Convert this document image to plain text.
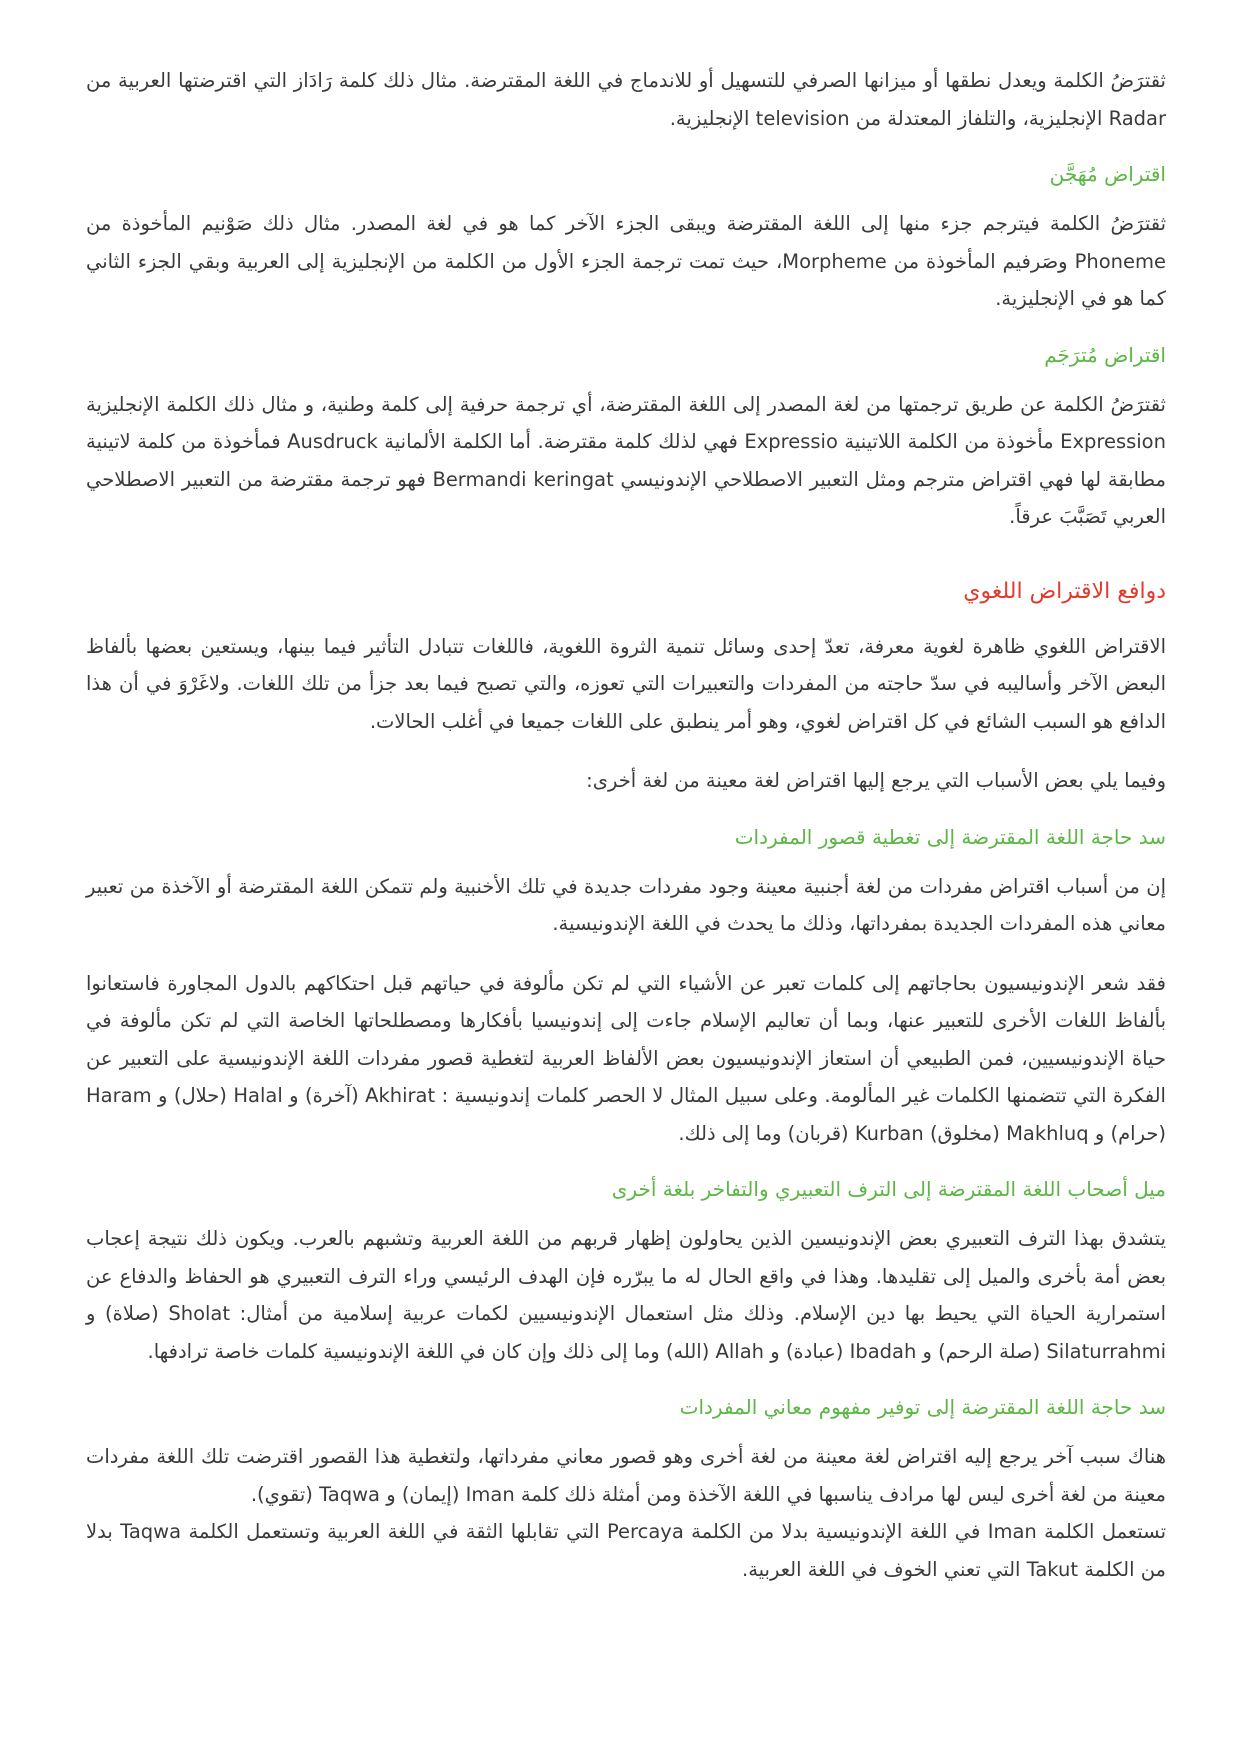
ثقترَضُ الكلمة ويعدل نطقها أو ميزانها الصرفي للتسهيل أو للاندماج في اللغة المقترضة. مثال ذلك كلمة رَادَاز التي اقترضتها العربية من Radar الإنجليزية، والتلفاز المعتدلة من television الإنجليزية.

اقتراض مُهَجَّن

ثقترَضُ الكلمة فيترجم جزء منها إلى اللغة المقترضة ويبقى الجزء الآخر كما هو في لغة المصدر. مثال ذلك صَوْنيم المأخوذة من Phoneme وصَرفيم المأخوذة من Morpheme، حيث تمت ترجمة الجزء الأول من الكلمة من الإنجليزية إلى العربية وبقي الجزء الثاني كما هو في الإنجليزية.

اقتراض مُترَجَم

ثقترَضُ الكلمة عن طريق ترجمتها من لغة المصدر إلى اللغة المقترضة، أي ترجمة حرفية إلى كلمة وطنية، و مثال ذلك الكلمة الإنجليزية Expression مأخوذة من الكلمة اللاتينية Expressio فهي لذلك كلمة مقترضة. أما الكلمة الألمانية Ausdruck فمأخوذة من كلمة لاتينية مطابقة لها فهي اقتراض مترجم ومثل التعبير الاصطلاحي الإندونيسي Bermandi keringat فهو ترجمة مقترضة من التعبير الاصطلاحي العربي تَصَبَّبَ عرقاً.

دوافع الاقتراض اللغوي

الاقتراض اللغوي ظاهرة لغوية معرفة، تعدّ إحدى وسائل تنمية الثروة اللغوية، فاللغات تتبادل التأثير فيما بينها، ويستعين بعضها بألفاظ البعض الآخر وأساليبه في سدّ حاجته من المفردات والتعبيرات التي تعوزه، والتي تصبح فيما بعد جزأ من تلك اللغات. ولاغَرْوَ في أن هذا الدافع هو السبب الشائع في كل اقتراض لغوي، وهو أمر ينطبق على اللغات جميعا في أغلب الحالات.

وفيما يلي بعض الأسباب التي يرجع إليها اقتراض لغة معينة من لغة أخرى:

سد حاجة اللغة المقترضة إلى تغطية قصور المفردات

إن من أسباب اقتراض مفردات من لغة أجنبية معينة وجود مفردات جديدة في تلك الأخنبية ولم تتمكن اللغة المقترضة أو الآخذة من تعبير معاني هذه المفردات الجديدة بمفرداتها، وذلك ما يحدث في اللغة الإندونيسية.

فقد شعر الإندونيسيون بحاجاتهم إلى كلمات تعبر عن الأشياء التي لم تكن مألوفة في حياتهم قبل احتكاكهم بالدول المجاورة فاستعانوا بألفاظ اللغات الأخرى للتعبير عنها، وبما أن تعاليم الإسلام جاءت إلى إندونيسيا بأفكارها ومصطلحاتها الخاصة التي لم تكن مألوفة في حياة الإندونيسيين، فمن الطبيعي أن استعاز الإندونيسيون بعض الألفاظ العربية لتغطية قصور مفردات اللغة الإندونيسية على التعبير عن الفكرة التي تتضمنها الكلمات غير المألومة. وعلى سبيل المثال لا الحصر كلمات إندونيسية : Akhirat (آخرة) و Halal (حلال) و Haram (حرام) و Makhluq (مخلوق) Kurban (قربان) وما إلى ذلك.

ميل أصحاب اللغة المقترضة إلى الترف التعبيري والتفاخر بلغة أخرى

يتشدق بهذا الترف التعبيري بعض الإندونيسين الذين يحاولون إظهار قربهم من اللغة العربية وتشبهم بالعرب. ويكون ذلك نتيجة إعجاب بعض أمة بأخرى والميل إلى تقليدها. وهذا في واقع الحال له ما يبرّره فإن الهدف الرئيسي وراء الترف التعبيري هو الحفاظ والدفاع عن استمرارية الحياة التي يحيط بها دين الإسلام. وذلك مثل استعمال الإندونيسيين لكمات عربية إسلامية من أمثال: Sholat (صلاة) و Silaturrahmi (صلة الرحم) و Ibadah (عبادة) و Allah (الله) وما إلى ذلك وإن كان في اللغة الإندونيسية كلمات خاصة ترادفها.

سد حاجة اللغة المقترضة إلى توفير مفهوم معاني المفردات

هناك سبب آخر يرجع إليه اقتراض لغة معينة من لغة أخرى وهو قصور معاني مفرداتها، ولتغطية هذا القصور اقترضت تلك اللغة مفردات معينة من لغة أخرى ليس لها مرادف يناسبها في اللغة الآخذة ومن أمثلة ذلك كلمة Iman (إيمان) و Taqwa (تقوي).

تستعمل الكلمة Iman في اللغة الإندونيسية بدلا من الكلمة Percaya التي تقابلها الثقة في اللغة العربية وتستعمل الكلمة Taqwa بدلا من الكلمة Takut التي تعني الخوف في اللغة العربية.
